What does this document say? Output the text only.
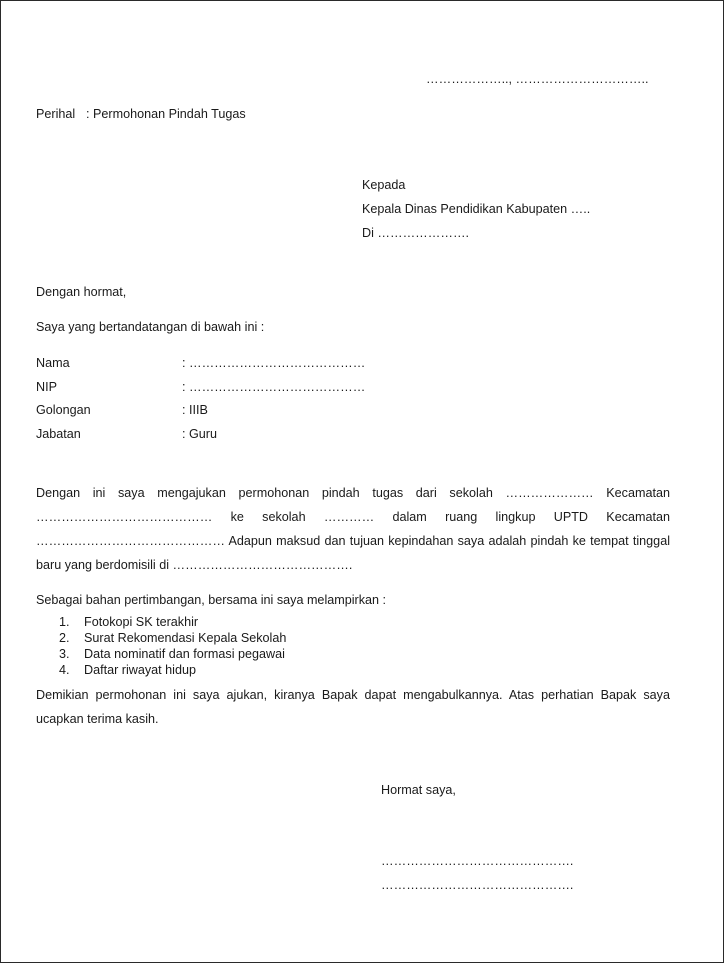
……………….., …………………………..
Perihal : Permohonan Pindah Tugas
Kepada
Kepala Dinas Pendidikan Kabupaten …..
Di ………………….
Dengan hormat,
Saya yang bertandatangan di bawah ini :
Nama	: ……………………………………
NIP	: ……………………………………
Golongan	: IIIB
Jabatan	: Guru
Dengan ini saya mengajukan permohonan pindah tugas dari sekolah ………………… Kecamatan
…………………………………… ke sekolah ………… dalam ruang lingkup UPTD Kecamatan
……………………………………… Adapun maksud dan tujuan kepindahan saya adalah pindah ke tempat tinggal
baru yang berdomisili di …………………………………….
Sebagai bahan pertimbangan, bersama ini saya melampirkan :
1. Fotokopi SK terakhir
2. Surat Rekomendasi Kepala Sekolah
3. Data nominatif dan formasi pegawai
4. Daftar riwayat hidup
Demikian permohonan ini saya ajukan, kiranya Bapak dapat mengabulkannya. Atas perhatian Bapak saya
ucapkan terima kasih.
Hormat saya,
……………………………………….
……………………………………….
